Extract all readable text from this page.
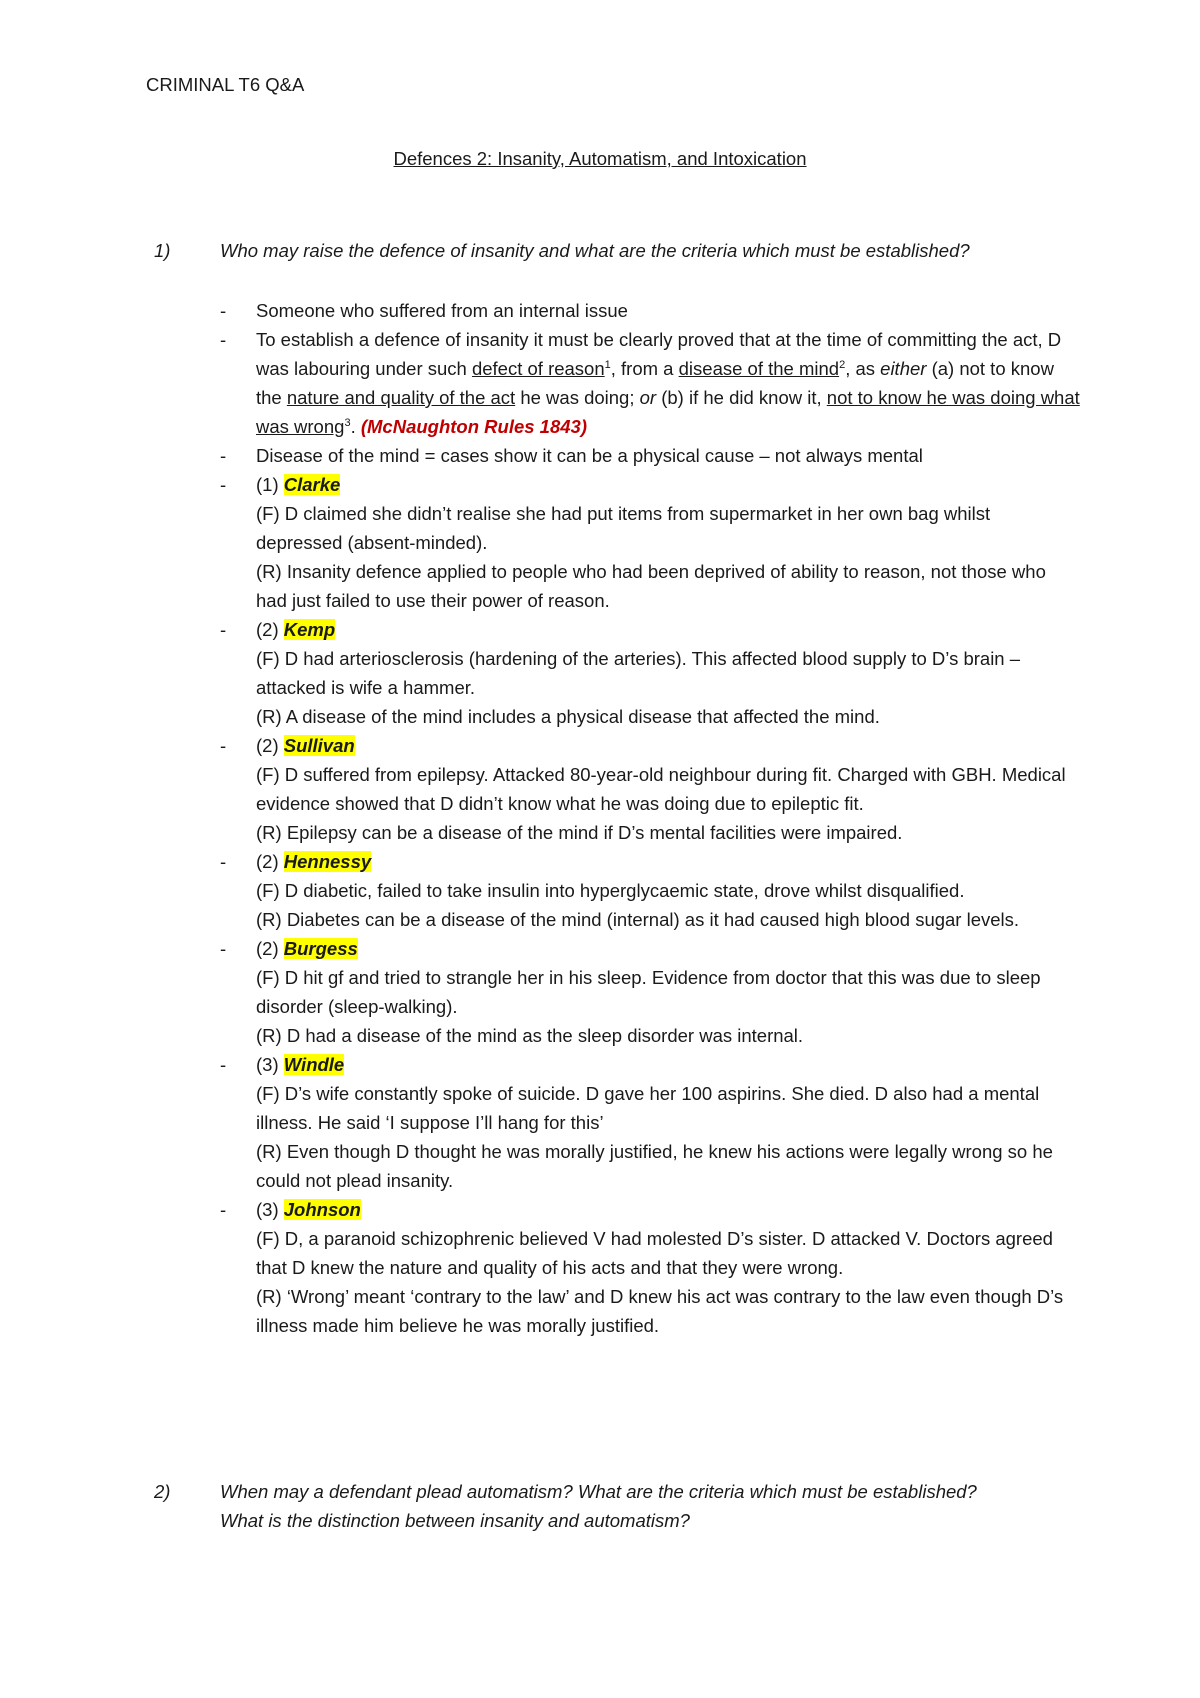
CRIMINAL T6 Q&A
Defences 2: Insanity, Automatism, and Intoxication
1)	Who may raise the defence of insanity and what are the criteria which must be established?
- Someone who suffered from an internal issue
- To establish a defence of insanity it must be clearly proved that at the time of committing the act, D was labouring under such defect of reason$^1$, from a disease of the mind$^2$, as either (a) not to know the nature and quality of the act he was doing; or (b) if he did know it, not to know he was doing what was wrong$^3$. (McNaughton Rules 1843)
- Disease of the mind = cases show it can be a physical cause – not always mental
- (1) Clarke
(F) D claimed she didn’t realise she had put items from supermarket in her own bag whilst depressed (absent-minded).
(R) Insanity defence applied to people who had been deprived of ability to reason, not those who had just failed to use their power of reason.
- (2) Kemp
(F) D had arteriosclerosis (hardening of the arteries). This affected blood supply to D’s brain – attacked is wife a hammer.
(R) A disease of the mind includes a physical disease that affected the mind.
- (2) Sullivan
(F) D suffered from epilepsy. Attacked 80-year-old neighbour during fit. Charged with GBH. Medical evidence showed that D didn’t know what he was doing due to epileptic fit.
(R) Epilepsy can be a disease of the mind if D’s mental facilities were impaired.
- (2) Hennessy
(F) D diabetic, failed to take insulin into hyperglycaemic state, drove whilst disqualified.
(R) Diabetes can be a disease of the mind (internal) as it had caused high blood sugar levels.
- (2) Burgess
(F) D hit gf and tried to strangle her in his sleep. Evidence from doctor that this was due to sleep disorder (sleep-walking).
(R) D had a disease of the mind as the sleep disorder was internal.
- (3) Windle
(F) D’s wife constantly spoke of suicide. D gave her 100 aspirins. She died. D also had a mental illness. He said ‘I suppose I’ll hang for this’
(R) Even though D thought he was morally justified, he knew his actions were legally wrong so he could not plead insanity.
- (3) Johnson
(F) D, a paranoid schizophrenic believed V had molested D’s sister. D attacked V. Doctors agreed that D knew the nature and quality of his acts and that they were wrong.
(R) ‘Wrong’ meant ‘contrary to the law’ and D knew his act was contrary to the law even though D’s illness made him believe he was morally justified.
2)	When may a defendant plead automatism? What are the criteria which must be established?
What is the distinction between insanity and automatism?
